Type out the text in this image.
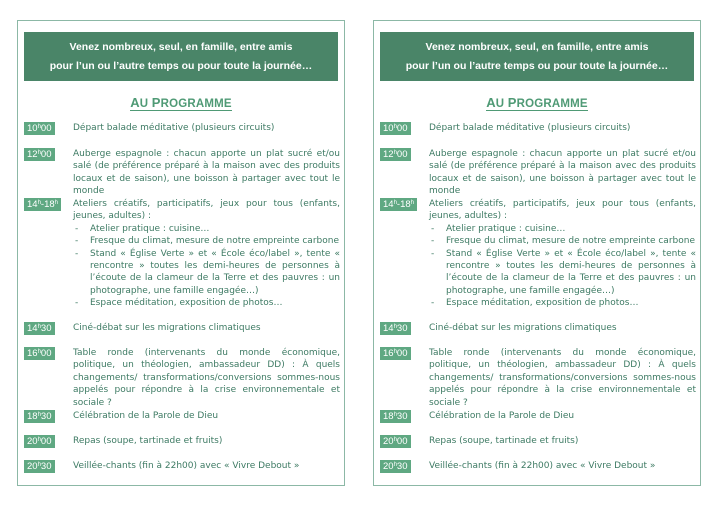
Venez nombreux, seul, en famille, entre amis
pour l’un ou l’autre temps ou pour toute la journée…
AU PROGRAMME
10$^h$00	Départ balade méditative (plusieurs circuits)
12$^h$00	Auberge espagnole : chacun apporte un plat sucré et/ou salé (de préférence préparé à la maison avec des produits locaux et de saison), une boisson à partager avec tout le monde
14$^h$-18$^h$	Ateliers créatifs, participatifs, jeux pour tous (enfants, jeunes, adultes) :
- Atelier pratique : cuisine…
- Fresque du climat, mesure de notre empreinte carbone
- Stand « Église Verte » et « École éco/label », tente « rencontre » toutes les demi-heures de personnes à l’écoute de la clameur de la Terre et des pauvres : un photographe, une famille engagée…)
- Espace méditation, exposition de photos…
14$^h$30	Ciné-débat sur les migrations climatiques
16$^h$00	Table ronde (intervenants du monde économique, politique, un théologien, ambassadeur DD) : À quels changements/ transformations/conversions sommes-nous appelés pour répondre à la crise environnementale et sociale ?
18$^h$30	Célébration de la Parole de Dieu
20$^h$00	Repas (soupe, tartinade et fruits)
20$^h$30	Veillée-chants (fin à 22h00) avec « Vivre Debout »
Venez nombreux, seul, en famille, entre amis
pour l’un ou l’autre temps ou pour toute la journée…
AU PROGRAMME
10$^h$00	Départ balade méditative (plusieurs circuits)
12$^h$00	Auberge espagnole : chacun apporte un plat sucré et/ou salé (de préférence préparé à la maison avec des produits locaux et de saison), une boisson à partager avec tout le monde
14$^h$-18$^h$	Ateliers créatifs, participatifs, jeux pour tous (enfants, jeunes, adultes) :
- Atelier pratique : cuisine…
- Fresque du climat, mesure de notre empreinte carbone
- Stand « Église Verte » et « École éco/label », tente « rencontre » toutes les demi-heures de personnes à l’écoute de la clameur de la Terre et des pauvres : un photographe, une famille engagée…)
- Espace méditation, exposition de photos…
14$^h$30	Ciné-débat sur les migrations climatiques
16$^h$00	Table ronde (intervenants du monde économique, politique, un théologien, ambassadeur DD) : À quels changements/ transformations/conversions sommes-nous appelés pour répondre à la crise environnementale et sociale ?
18$^h$30	Célébration de la Parole de Dieu
20$^h$00	Repas (soupe, tartinade et fruits)
20$^h$30	Veillée-chants (fin à 22h00) avec « Vivre Debout »
